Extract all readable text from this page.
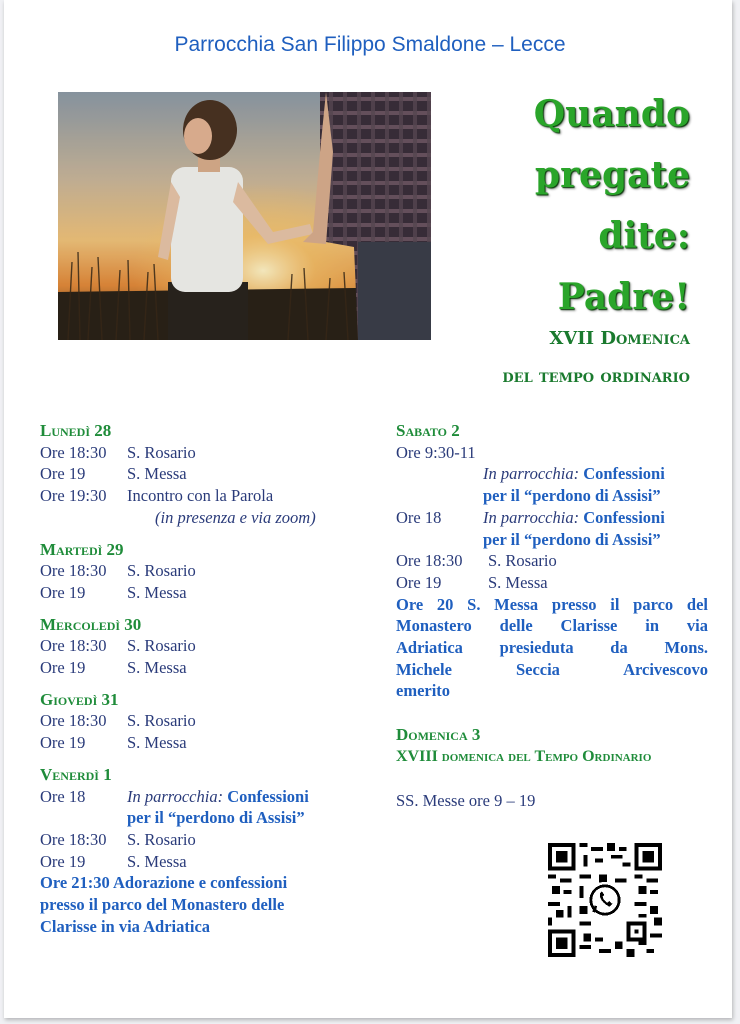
Parrocchia San Filippo Smaldone – Lecce
Quando
pregate
dite:
Padre!
XVII Domenica
del tempo ordinario
Lunedì 28
Ore 18:30	S. Rosario
Ore 19	S. Messa
Ore 19:30	Incontro con la Parola
(in presenza e via zoom)
Martedì 29
Ore 18:30	S. Rosario
Ore 19	S. Messa
Mercoledì 30
Ore 18:30	S. Rosario
Ore 19	S. Messa
Giovedì 31
Ore 18:30	S. Rosario
Ore 19	S. Messa
Venerdì 1
Ore 18	In parrocchia: Confessioni
per il “perdono di Assisi”
Ore 18:30	S. Rosario
Ore 19	S. Messa
Ore 21:30 Adorazione e confessioni
presso il parco del Monastero delle
Clarisse in via Adriatica
Sabato 2
Ore 9:30-11
In parrocchia: Confessioni
per il “perdono di Assisi”
Ore 18	In parrocchia: Confessioni
per il “perdono di Assisi”
Ore 18:30	S. Rosario
Ore 19	S. Messa
Ore 20 S. Messa presso il parco del
Monastero delle Clarisse in via
Adriatica presieduta da Mons.
Michele Seccia Arcivescovo
emerito
Domenica 3
XVIII domenica del Tempo Ordinario
SS. Messe ore 9 – 19
